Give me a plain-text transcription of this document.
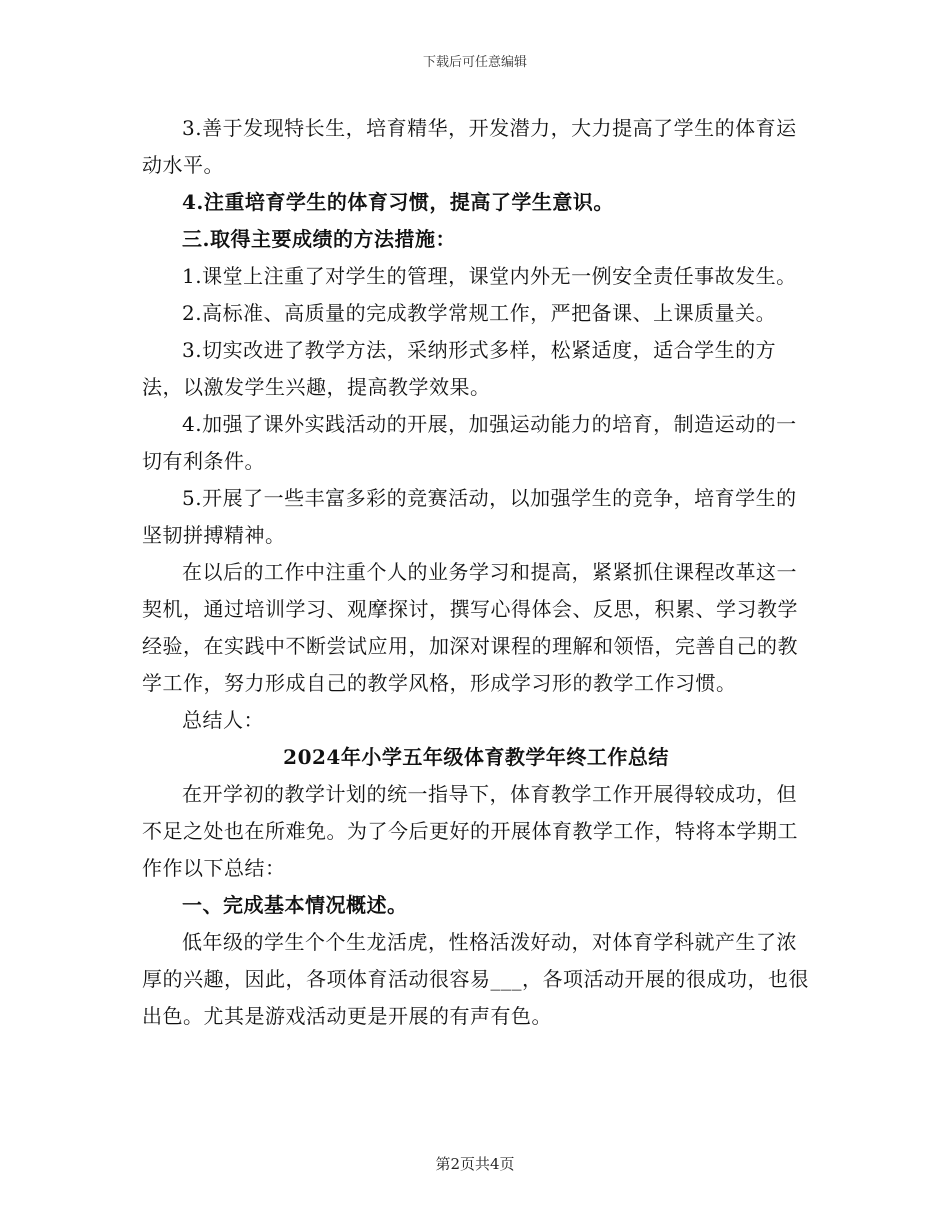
下载后可任意编辑

3.善于发现特长生，培育精华，开发潜力，大力提高了学生的体育运动水平。

4.注重培育学生的体育习惯，提高了学生意识。

三.取得主要成绩的方法措施：

1.课堂上注重了对学生的管理，课堂内外无一例安全责任事故发生。

2.高标准、高质量的完成教学常规工作，严把备课、上课质量关。

3.切实改进了教学方法，采纳形式多样，松紧适度，适合学生的方法，以激发学生兴趣，提高教学效果。

4.加强了课外实践活动的开展，加强运动能力的培育，制造运动的一切有利条件。

5.开展了一些丰富多彩的竞赛活动，以加强学生的竞争，培育学生的坚韧拼搏精神。

在以后的工作中注重个人的业务学习和提高，紧紧抓住课程改革这一契机，通过培训学习、观摩探讨，撰写心得体会、反思，积累、学习教学经验，在实践中不断尝试应用，加深对课程的理解和领悟，完善自己的教学工作，努力形成自己的教学风格，形成学习形的教学工作习惯。

总结人：

2024年小学五年级体育教学年终工作总结

在开学初的教学计划的统一指导下，体育教学工作开展得较成功，但不足之处也在所难免。为了今后更好的开展体育教学工作，特将本学期工作作以下总结：

一、完成基本情况概述。

低年级的学生个个生龙活虎，性格活泼好动，对体育学科就产生了浓厚的兴趣，因此，各项体育活动很容易___，各项活动开展的很成功，也很出色。尤其是游戏活动更是开展的有声有色。

第2页共4页
